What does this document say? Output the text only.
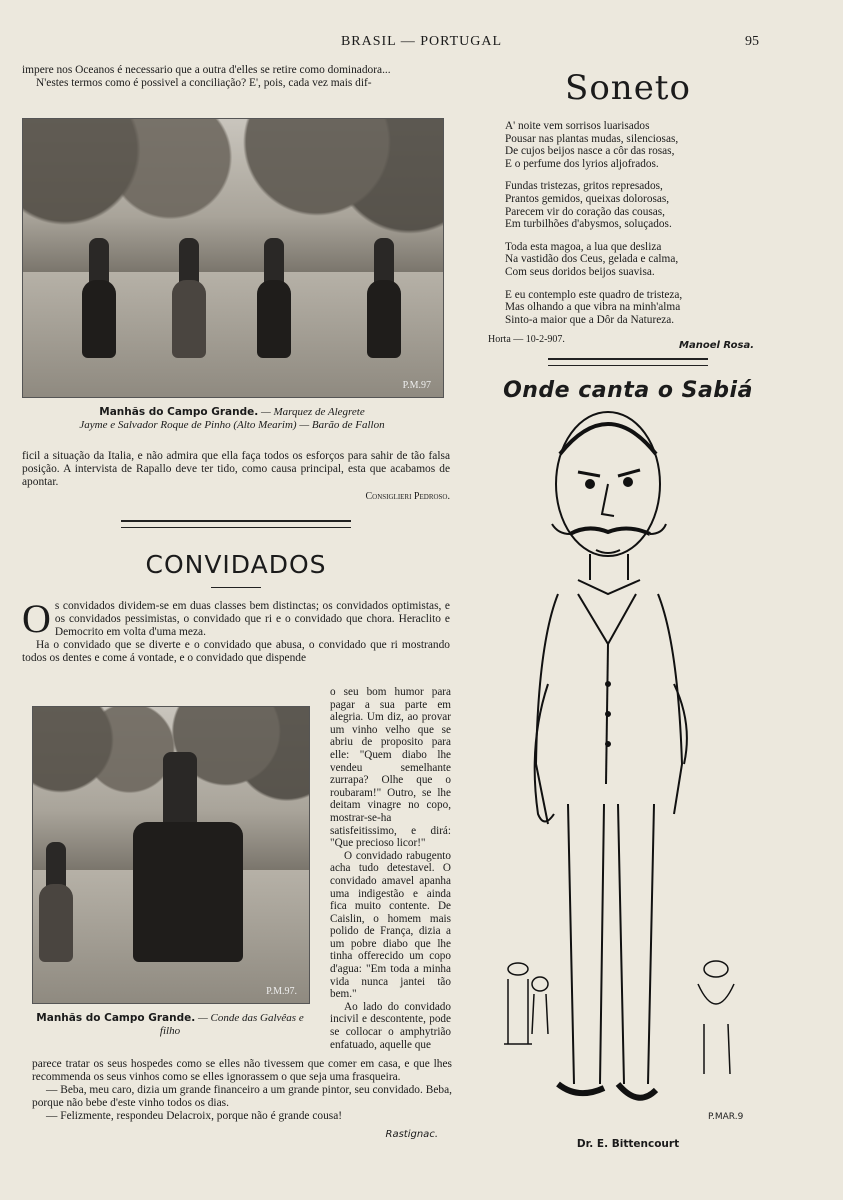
BRASIL — PORTUGAL	95

impere nos Oceanos é necessario que a outra d'elles se retire como dominadora...

N'estes termos como é possivel a conciliação? E', pois, cada vez mais dif-

P.M.97
Manhãs do Campo Grande. — Marquez de Alegrete
Jayme e Salvador Roque de Pinho (Alto Mearim) — Barão de Fallon

ficil a situação da Italia, e não admira que ella faça todos os esforços para sahir de tão falsa posição. A intervista de Rapallo deve ter tido, como causa principal, esta que acabamos de apontar.

Consiglieri Pedroso.
CONVIDADOS

Os convidados dividem-se em duas classes bem distinctas; os convidados optimistas, e os convidados pessimistas, o convidado que ri e o convidado que chora. Heraclito e Democrito em volta d'uma meza.

Ha o convidado que se diverte e o convidado que abusa, o convidado que ri mostrando todos os dentes e come á vontade, e o convidado que dispende

P.M.97.
Manhãs do Campo Grande. — Conde das Galvêas e filho

o seu bom humor para pagar a sua parte em alegria. Um diz, ao provar um vinho velho que se abriu de proposito para elle: "Quem diabo lhe vendeu semelhante zurrapa? Olhe que o roubaram!" Outro, se lhe deitam vinagre no copo, mostrar-se-ha satisfeitissimo, e dirá: "Que precioso licor!"

O convidado rabugento acha tudo detestavel. O convidado amavel apanha uma indigestão e ainda fica muito contente. De Caislin, o homem mais polido de França, dizia a um pobre diabo que lhe tinha offerecido um copo d'agua: "Em toda a minha vida nunca jantei tão bem."

Ao lado do convidado incivil e descontente, pode se collocar o amphytrião enfatuado, aquelle que

parece tratar os seus hospedes como se elles não tivessem que comer em casa, e que lhes recommenda os seus vinhos como se elles ignorassem o que seja uma frasqueira.

— Beba, meu caro, dizia um grande financeiro a um grande pintor, seu convidado. Beba, porque não bebe d'este vinho todos os dias.

— Felizmente, respondeu Delacroix, porque não é grande cousa!

Rastignac.
Soneto
A' noite vem sorrisos luarisados
Pousar nas plantas mudas, silenciosas,
De cujos beijos nasce a côr das rosas,
E o perfume dos lyrios aljofrados.
Fundas tristezas, gritos represados,
Prantos gemidos, queixas dolorosas,
Parecem vir do coração das cousas,
Em turbilhões d'abysmos, soluçados.
Toda esta magoa, a lua que desliza
Na vastidão dos Ceus, gelada e calma,
Com seus doridos beijos suavisa.
E eu contemplo este quadro de tristeza,
Mas olhando a que vibra na minh'alma
Sinto-a maior que a Dôr da Natureza.
Horta — 10-2-907.
Manoel Rosa.
Onde canta o Sabiá
P.MAR.9
Dr. E. Bittencourt
